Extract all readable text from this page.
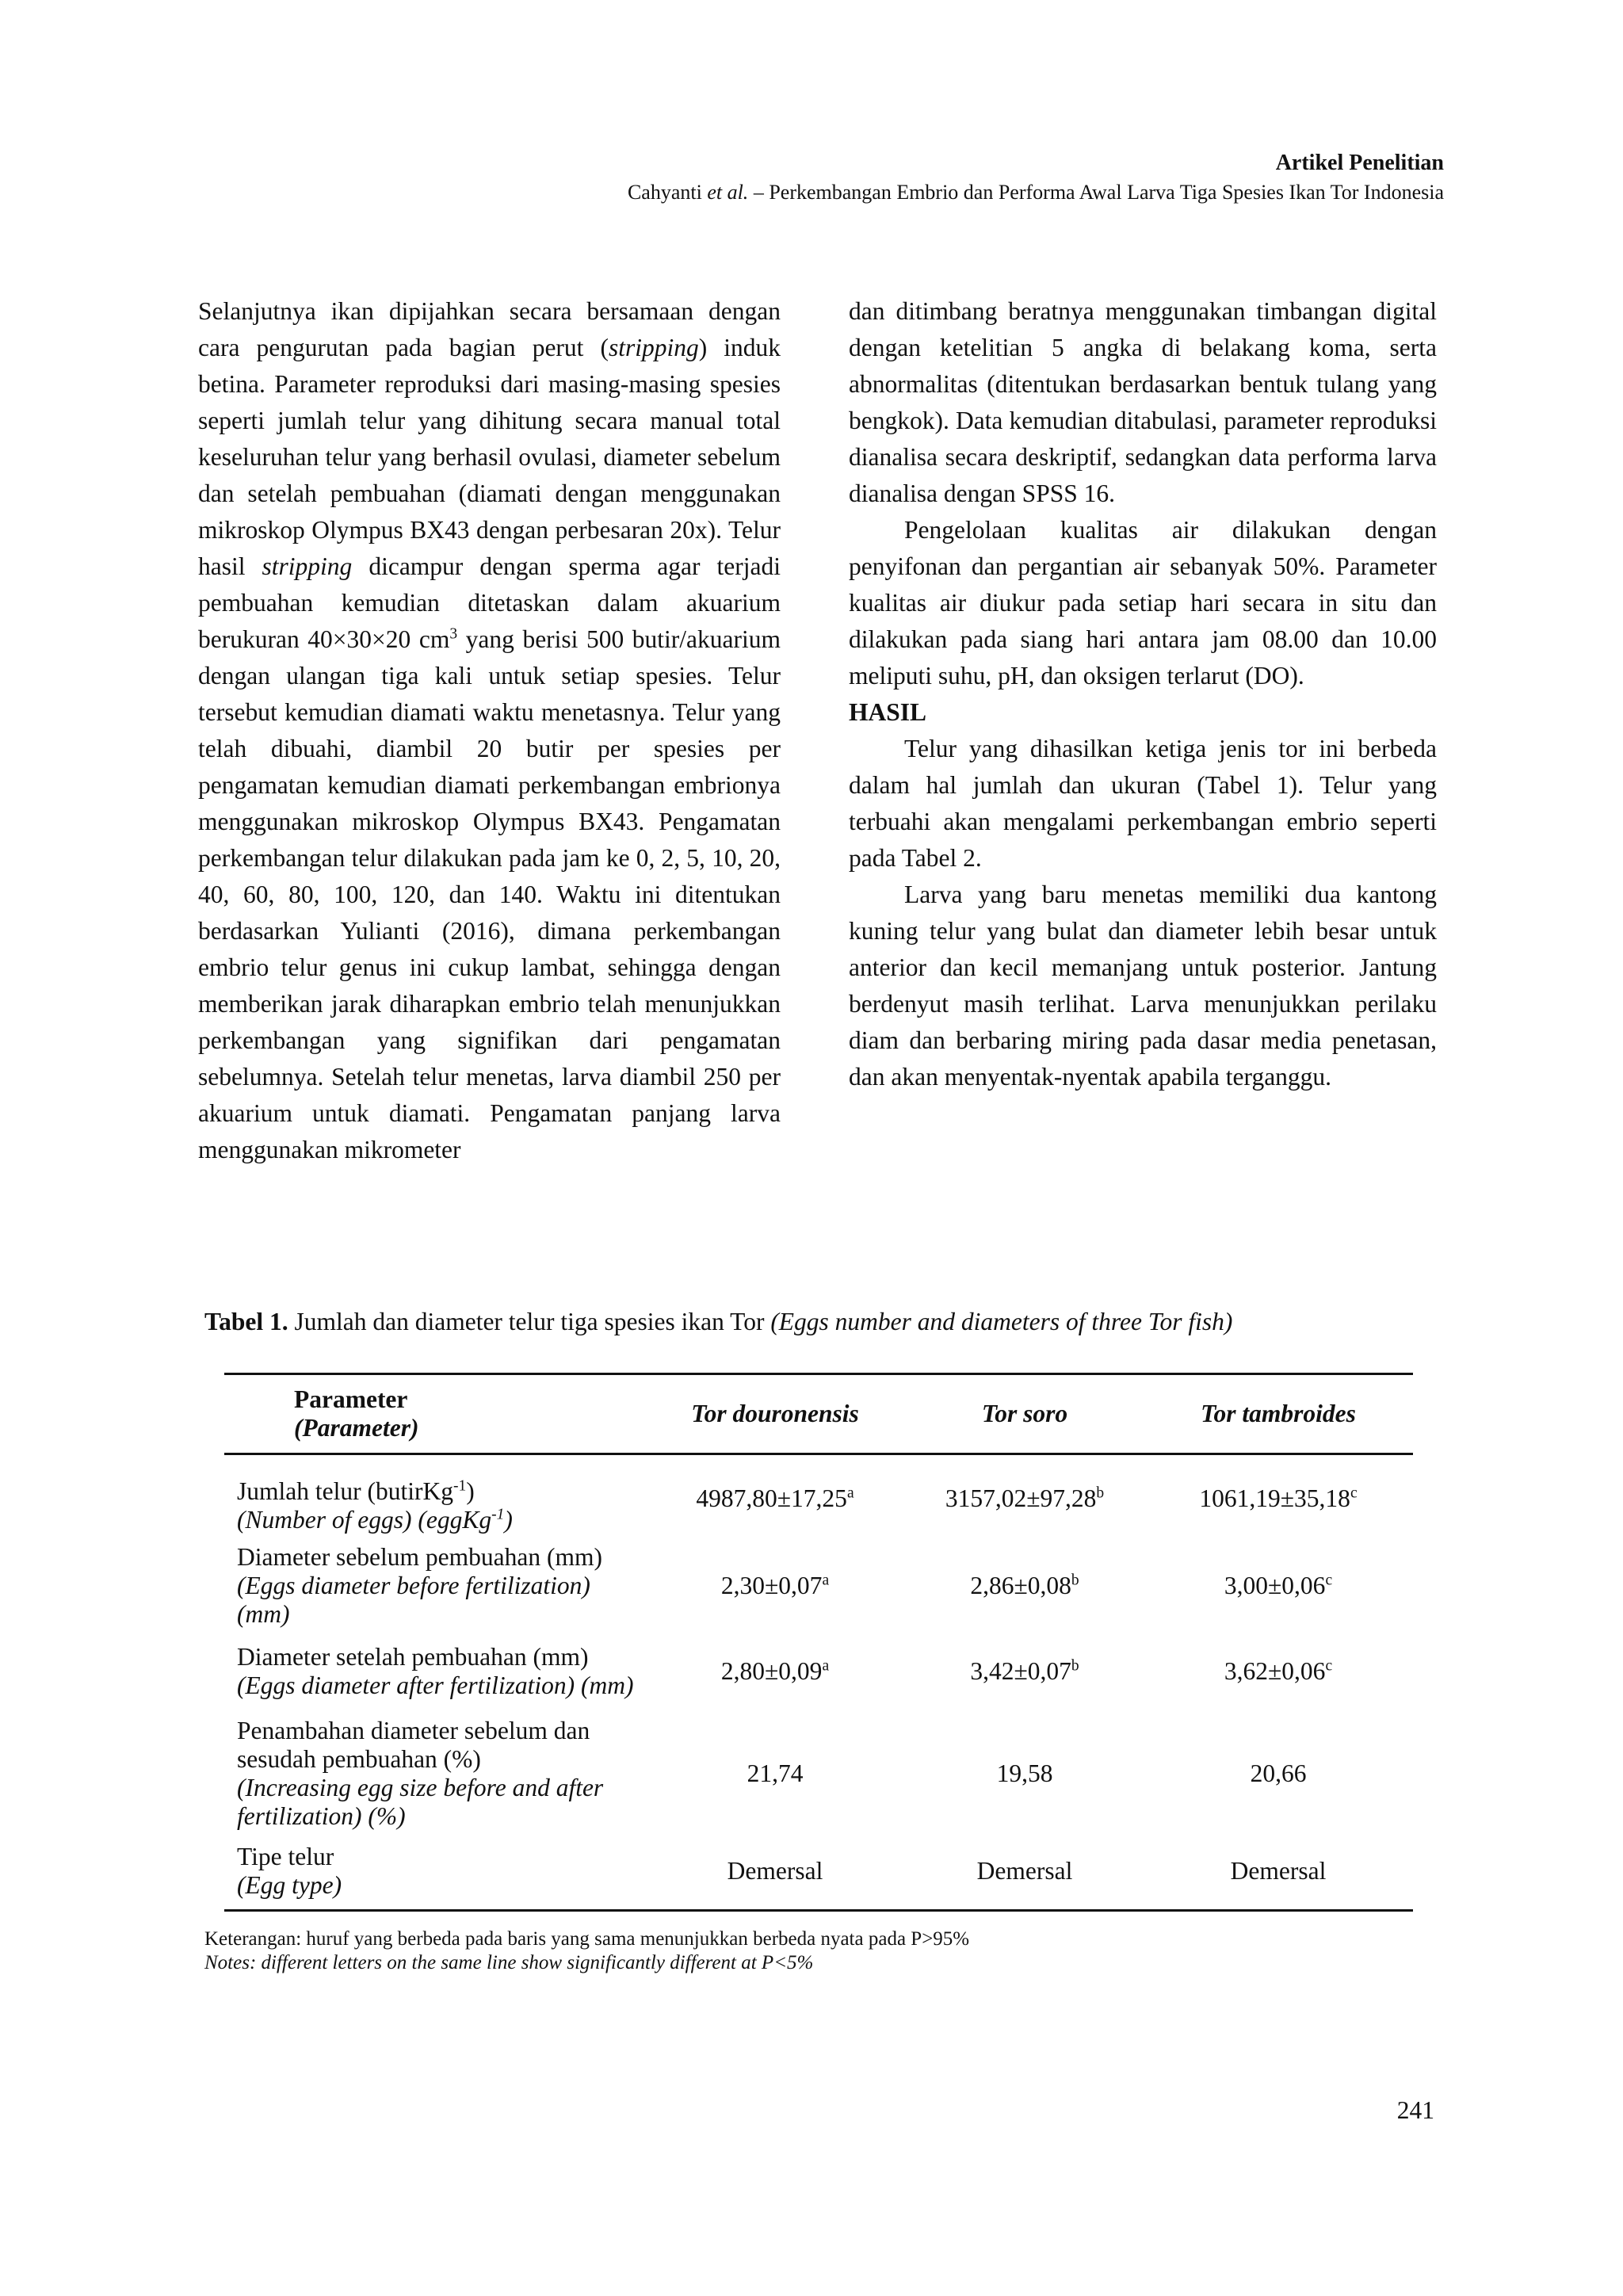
Artikel Penelitian
Cahyanti et al. – Perkembangan Embrio dan Performa Awal Larva Tiga Spesies Ikan Tor Indonesia

Selanjutnya ikan dipijahkan secara bersamaan dengan cara pengurutan pada bagian perut (stripping) induk betina. Parameter reproduksi dari masing-masing spesies seperti jumlah telur yang dihitung secara manual total keseluruhan telur yang berhasil ovulasi, diameter sebelum dan setelah pembuahan (diamati dengan menggunakan mikroskop Olympus BX43 dengan perbesaran 20x). Telur hasil stripping dicampur dengan sperma agar terjadi pembuahan kemudian ditetaskan dalam akuarium berukuran 40×30×20 $cm^3$ yang berisi 500 butir/akuarium dengan ulangan tiga kali untuk setiap spesies. Telur tersebut kemudian diamati waktu menetasnya. Telur yang telah dibuahi, diambil 20 butir per spesies per pengamatan kemudian diamati perkembangan embrionya menggunakan mikroskop Olympus BX43. Pengamatan perkembangan telur dilakukan pada jam ke 0, 2, 5, 10, 20, 40, 60, 80, 100, 120, dan 140. Waktu ini ditentukan berdasarkan Yulianti (2016), dimana perkembangan embrio telur genus ini cukup lambat, sehingga dengan memberikan jarak diharapkan embrio telah menunjukkan perkembangan yang signifikan dari pengamatan sebelumnya. Setelah telur menetas, larva diambil 250 per akuarium untuk diamati. Pengamatan panjang larva menggunakan mikrometer

dan ditimbang beratnya menggunakan timbangan digital dengan ketelitian 5 angka di belakang koma, serta abnormalitas (ditentukan berdasarkan bentuk tulang yang bengkok). Data kemudian ditabulasi, parameter reproduksi dianalisa secara deskriptif, sedangkan data performa larva dianalisa dengan SPSS 16.

Pengelolaan kualitas air dilakukan dengan penyifonan dan pergantian air sebanyak 50%. Parameter kualitas air diukur pada setiap hari secara in situ dan dilakukan pada siang hari antara jam 08.00 dan 10.00 meliputi suhu, pH, dan oksigen terlarut (DO).

HASIL

Telur yang dihasilkan ketiga jenis tor ini berbeda dalam hal jumlah dan ukuran (Tabel 1). Telur yang terbuahi akan mengalami perkembangan embrio seperti pada Tabel 2.

Larva yang baru menetas memiliki dua kantong kuning telur yang bulat dan diameter lebih besar untuk anterior dan kecil memanjang untuk posterior. Jantung berdenyut masih terlihat. Larva menunjukkan perilaku diam dan berbaring miring pada dasar media penetasan, dan akan menyentak-nyentak apabila terganggu.

Tabel 1. Jumlah dan diameter telur tiga spesies ikan Tor (Eggs number and diameters of three Tor fish)
Parameter
(Parameter)	Tor douronensis	Tor soro	Tor tambroides

Jumlah telur (butirKg$^{-1}$)
(Number of eggs) (eggKg$^{-1}$)	4987,80±17,25$^a$	3157,02±97,28$^b$	1061,19±35,18$^c$

Diameter sebelum pembuahan (mm)
(Eggs diameter before fertilization) (mm)	2,30±0,07$^a$	2,86±0,08$^b$	3,00±0,06$^c$

Diameter setelah pembuahan (mm)
(Eggs diameter after fertilization) (mm)	2,80±0,09$^a$	3,42±0,07$^b$	3,62±0,06$^c$

Penambahan diameter sebelum dan sesudah pembuahan (%)
(Increasing egg size before and after fertilization) (%)	21,74	19,58	20,66

Tipe telur
(Egg type)	Demersal	Demersal	Demersal
Keterangan: huruf yang berbeda pada baris yang sama menunjukkan berbeda nyata pada P>95%
Notes: different letters on the same line show significantly different at P<5%
241
